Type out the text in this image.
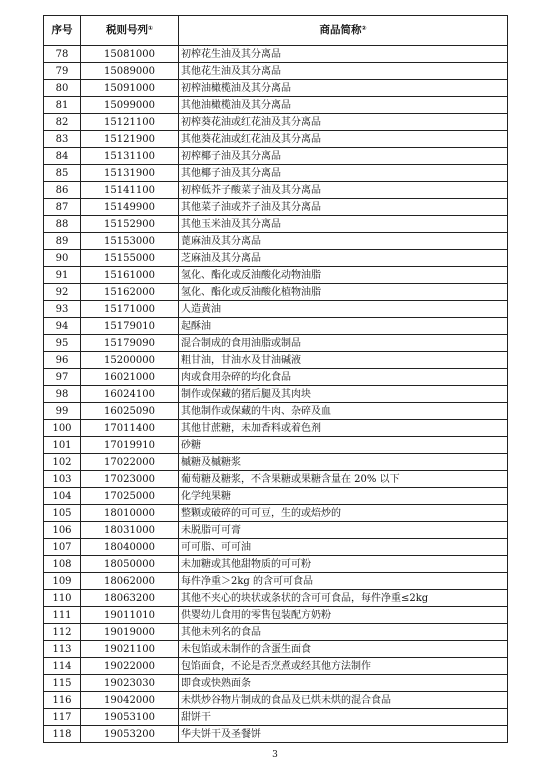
序号	税则号列①	商品简称②
78	15081000	初榨花生油及其分离品
79	15089000	其他花生油及其分离品
80	15091000	初榨油橄榄油及其分离品
81	15099000	其他油橄榄油及其分离品
82	15121100	初榨葵花油或红花油及其分离品
83	15121900	其他葵花油或红花油及其分离品
84	15131100	初榨椰子油及其分离品
85	15131900	其他椰子油及其分离品
86	15141100	初榨低芥子酸菜子油及其分离品
87	15149900	其他菜子油或芥子油及其分离品
88	15152900	其他玉米油及其分离品
89	15153000	蓖麻油及其分离品
90	15155000	芝麻油及其分离品
91	15161000	氢化、酯化或反油酸化动物油脂
92	15162000	氢化、酯化或反油酸化植物油脂
93	15171000	人造黄油
94	15179010	起酥油
95	15179090	混合制成的食用油脂或制品
96	15200000	粗甘油，甘油水及甘油碱液
97	16021000	肉或食用杂碎的均化食品
98	16024100	制作或保藏的猪后腿及其肉块
99	16025090	其他制作或保藏的牛肉、杂碎及血
100	17011400	其他甘蔗糖，未加香料或着色剂
101	17019910	砂糖
102	17022000	槭糖及槭糖浆
103	17023000	葡萄糖及糖浆，不含果糖或果糖含量在 20% 以下
104	17025000	化学纯果糖
105	18010000	整颗或破碎的可可豆，生的或焙炒的
106	18031000	未脱脂可可膏
107	18040000	可可脂、可可油
108	18050000	未加糖或其他甜物质的可可粉
109	18062000	每件净重＞2kg 的含可可食品
110	18063200	其他不夹心的块状或条状的含可可食品，每件净重≤2kg
111	19011010	供婴幼儿食用的零售包装配方奶粉
112	19019000	其他未列名的食品
113	19021100	未包馅或未制作的含蛋生面食
114	19022000	包馅面食，不论是否烹煮或经其他方法制作
115	19023030	即食或快熟面条
116	19042000	未烘炒谷物片制成的食品及已烘未烘的混合食品
117	19053100	甜饼干
118	19053200	华夫饼干及圣餐饼
3
